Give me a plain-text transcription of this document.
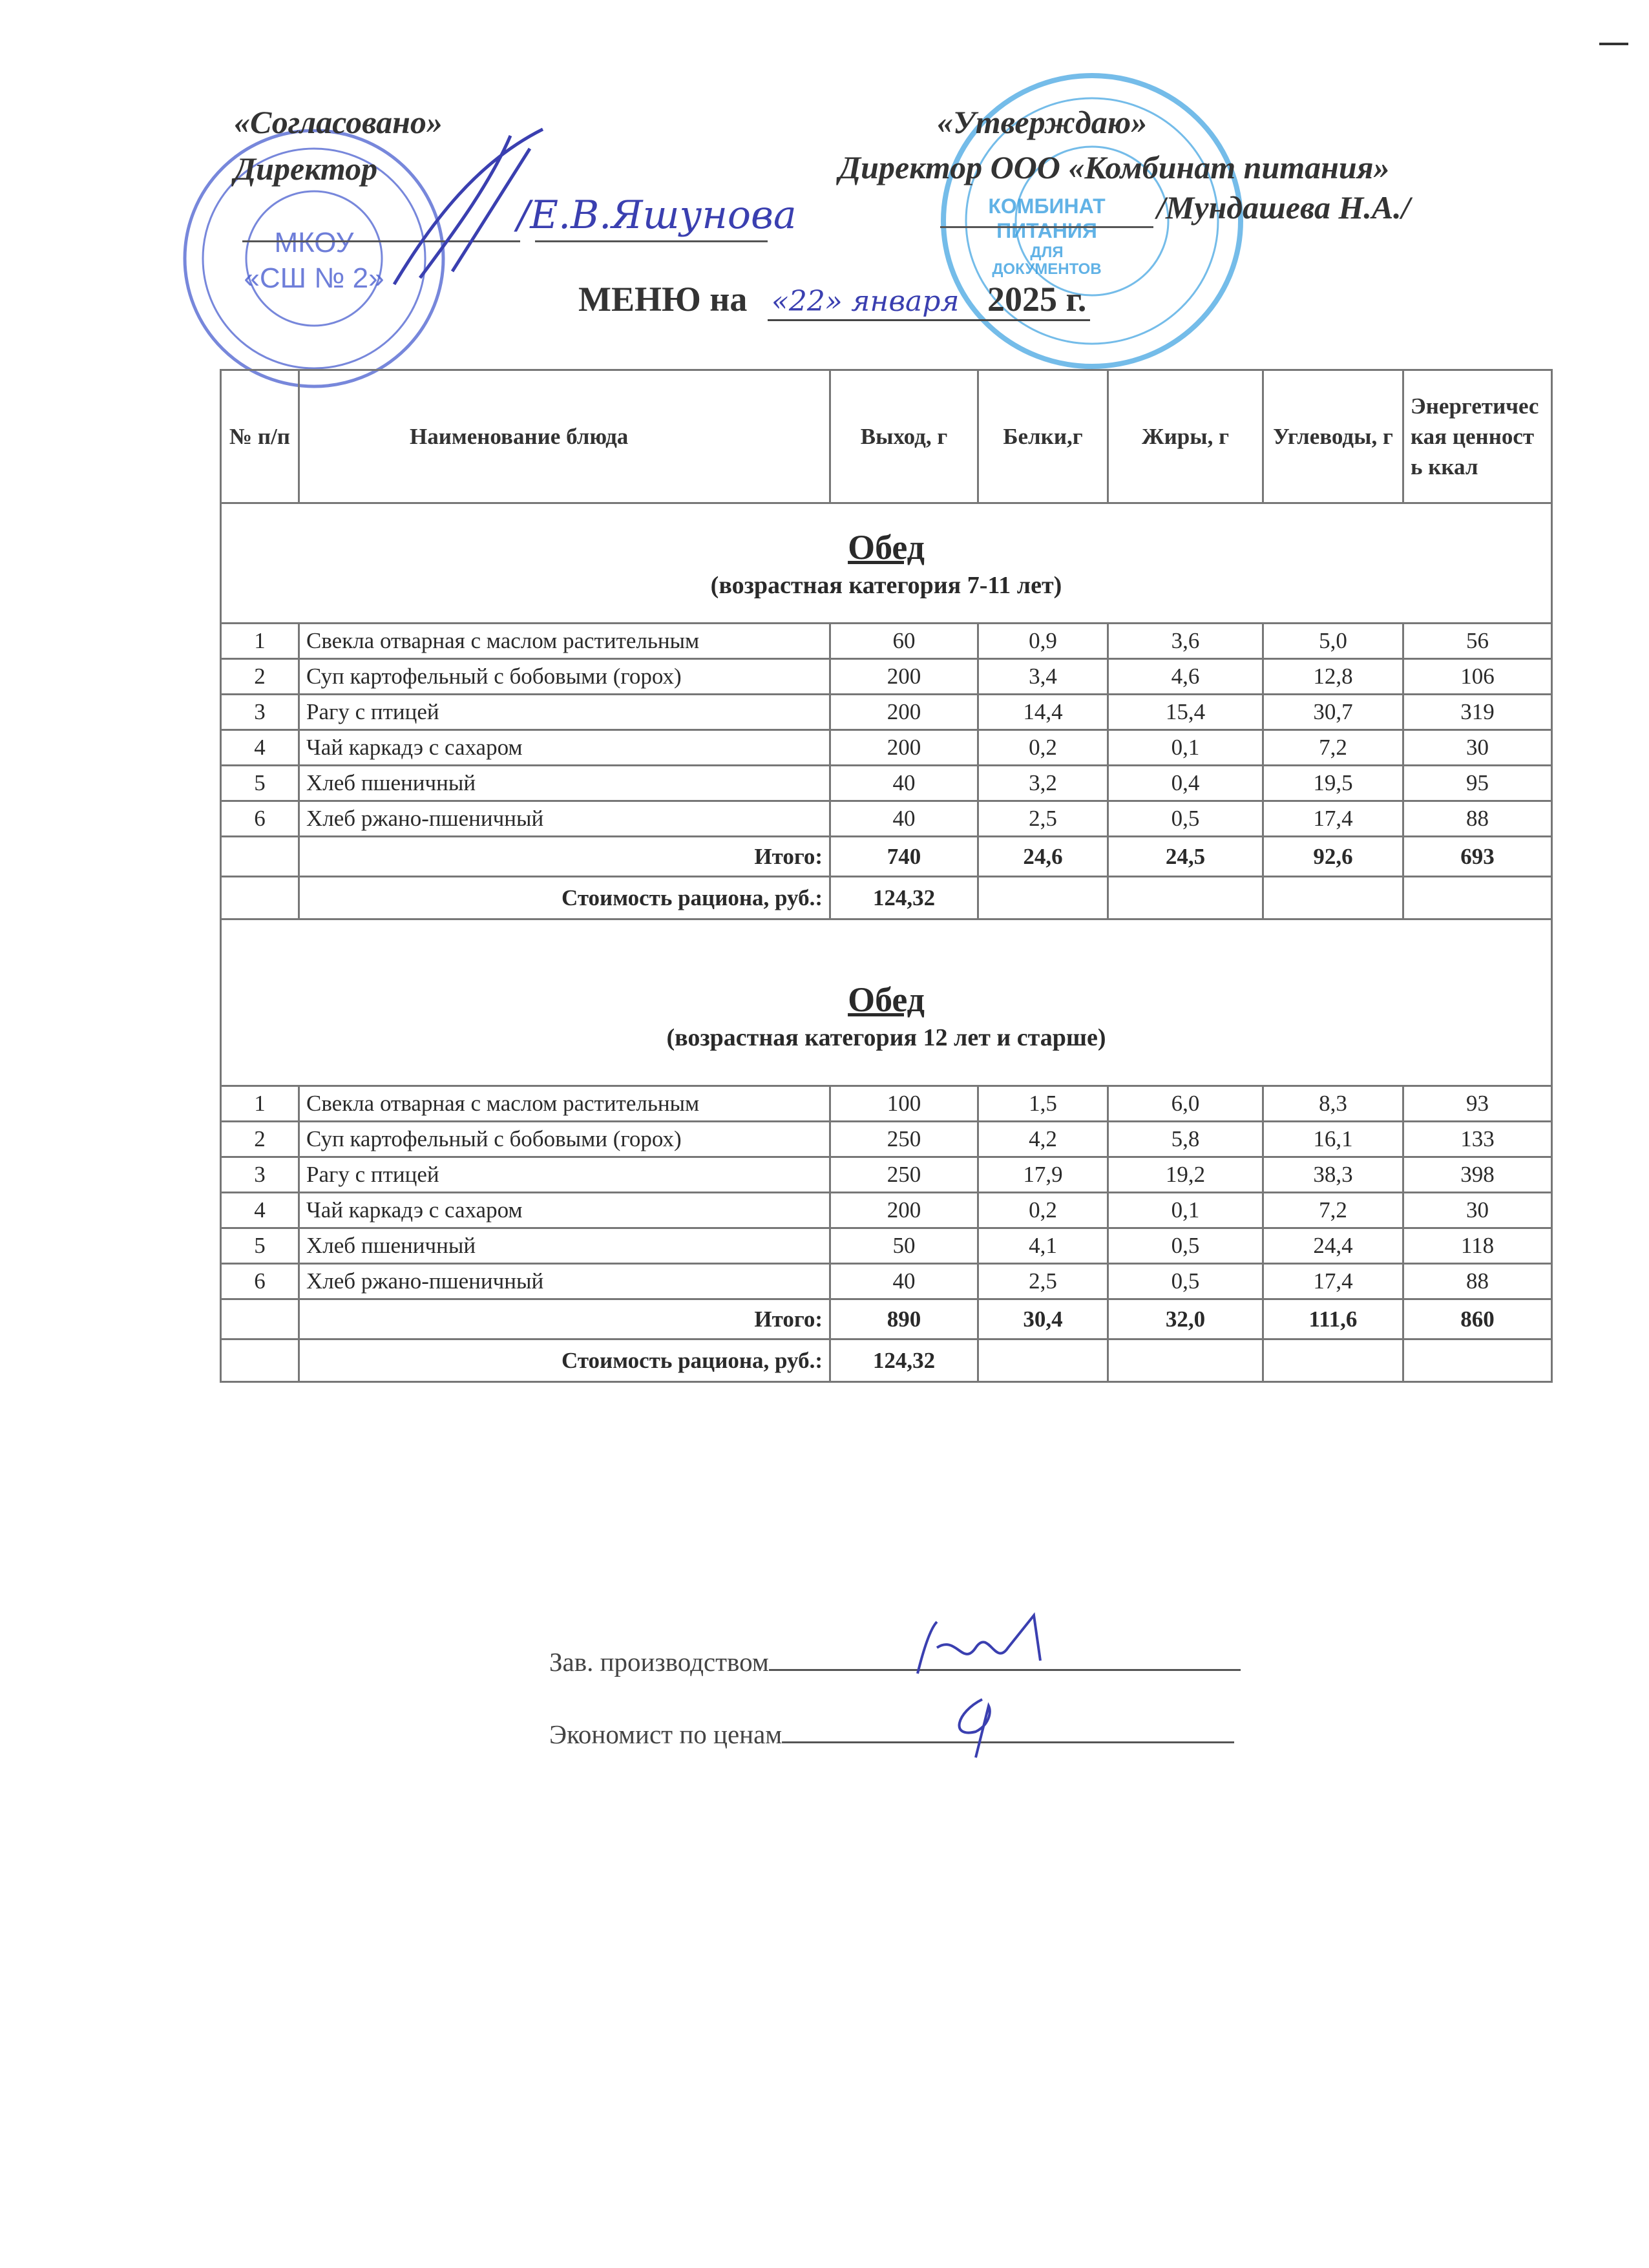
МКОУ
«СШ № 2»
КОМБИНАТ
ПИТАНИЯ
ДЛЯ
ДОКУМЕНТОВ
«Согласовано»
Директор
/Е.В.Яшунова
«Утверждаю»
Директор ООО «Комбинат питания»
/Мундашева Н.А./
МЕНЮ на «22» января 2025 г.
№ п/п	Наименование блюда	Выход, г	Белки,г	Жиры, г	Углеводы, г	Энергетическая ценность ккал

Обед
(возрастная категория 7-11 лет)						

1	Свекла отварная с маслом растительным	60	0,9	3,6	5,0	56
2	Суп картофельный с бобовыми (горох)	200	3,4	4,6	12,8	106
3	Рагу с птицей	200	14,4	15,4	30,7	319
4	Чай каркадэ с сахаром	200	0,2	0,1	7,2	30
5	Хлеб пшеничный	40	3,2	0,4	19,5	95
6	Хлеб ржано-пшеничный	40	2,5	0,5	17,4	88
	Итого:	740	24,6	24,5	92,6	693
	Стоимость рациона, руб.:	124,32				

Обед
(возрастная категория 12 лет и старше)						

1	Свекла отварная с маслом растительным	100	1,5	6,0	8,3	93
2	Суп картофельный с бобовыми (горох)	250	4,2	5,8	16,1	133
3	Рагу с птицей	250	17,9	19,2	38,3	398
4	Чай каркадэ с сахаром	200	0,2	0,1	7,2	30
5	Хлеб пшеничный	50	4,1	0,5	24,4	118
6	Хлеб ржано-пшеничный	40	2,5	0,5	17,4	88
	Итого:	890	30,4	32,0	111,6	860
	Стоимость рациона, руб.:	124,32				
Зав. производством
Экономист по ценам
